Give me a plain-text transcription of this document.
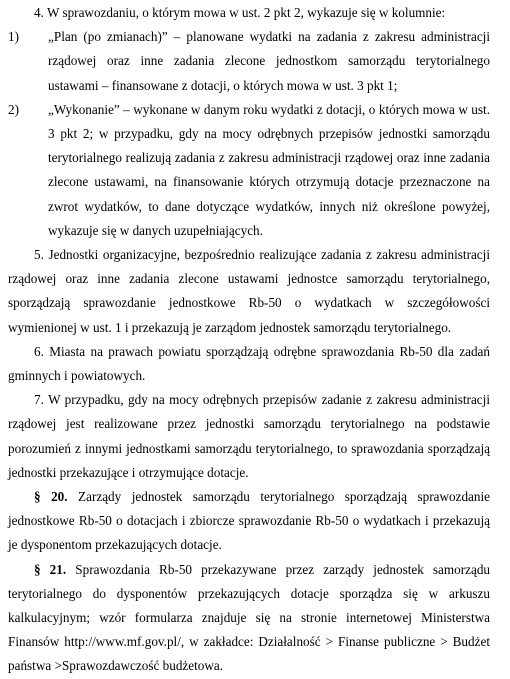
4. W sprawozdaniu, o którym mowa w ust. 2 pkt 2, wykazuje się w kolumnie:

1)	„Plan (po zmianach)” – planowane wydatki na zadania z zakresu administracji rządowej oraz inne zadania zlecone jednostkom samorządu terytorialnego ustawami – finansowane z dotacji, o których mowa w ust. 3 pkt 1;
2)	„Wykonanie” – wykonane w danym roku wydatki z dotacji, o których mowa w ust. 3 pkt 2; w przypadku, gdy na mocy odrębnych przepisów jednostki samorządu terytorialnego realizują zadania z zakresu administracji rządowej oraz inne zadania zlecone ustawami, na finansowanie których otrzymują dotacje przeznaczone na zwrot wydatków, to dane dotyczące wydatków, innych niż określone powyżej, wykazuje się w danych uzupełniających.

5. Jednostki organizacyjne, bezpośrednio realizujące zadania z zakresu administracji rządowej oraz inne zadania zlecone ustawami jednostce samorządu terytorialnego, sporządzają sprawozdanie jednostkowe Rb-50 o wydatkach w szczegółowości wymienionej w ust. 1 i przekazują je zarządom jednostek samorządu terytorialnego.

6. Miasta na prawach powiatu sporządzają odrębne sprawozdania Rb-50 dla zadań gminnych i powiatowych.

7. W przypadku, gdy na mocy odrębnych przepisów zadanie z zakresu administracji rządowej jest realizowane przez jednostki samorządu terytorialnego na podstawie porozumień z innymi jednostkami samorządu terytorialnego, to sprawozdania sporządzają jednostki przekazujące i otrzymujące dotacje.

§ 20. Zarządy jednostek samorządu terytorialnego sporządzają sprawozdanie jednostkowe Rb-50 o dotacjach i zbiorcze sprawozdanie Rb-50 o wydatkach i przekazują je dysponentom przekazujących dotacje.

§ 21. Sprawozdania Rb-50 przekazywane przez zarządy jednostek samorządu terytorialnego do dysponentów przekazujących dotacje sporządza się w arkuszu kalkulacyjnym; wzór formularza znajduje się na stronie internetowej Ministerstwa Finansów http://www.mf.gov.pl/, w zakładce: Działalność > Finanse publiczne > Budżet państwa >Sprawozdawczość budżetowa.
